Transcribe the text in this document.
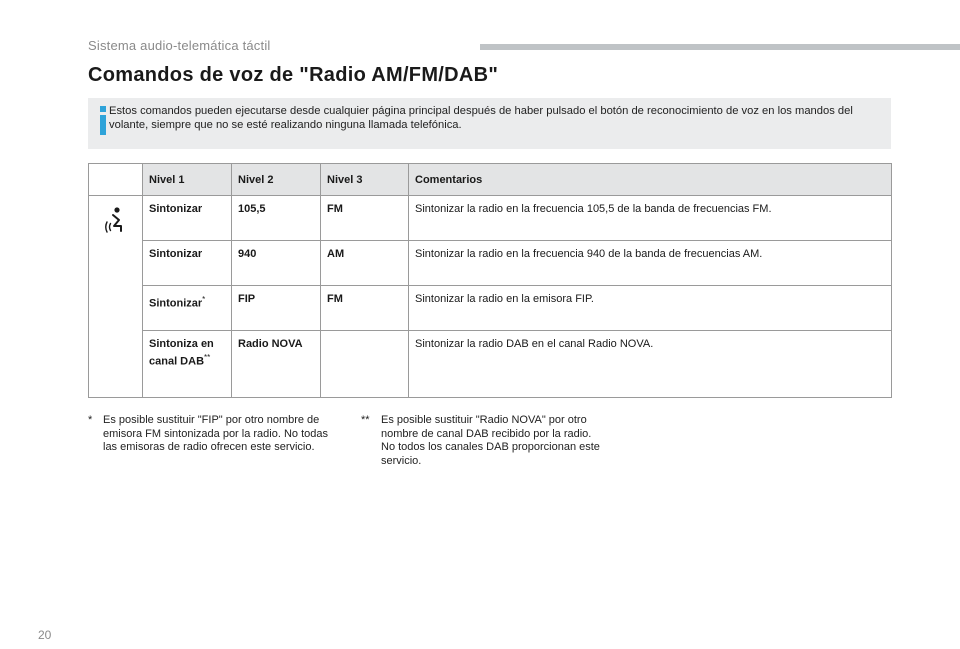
Sistema audio-telemática táctil
Comandos de voz de "Radio AM/FM/DAB"
Estos comandos pueden ejecutarse desde cualquier página principal después de haber pulsado el botón de reconocimiento de voz en los mandos del volante, siempre que no se esté realizando ninguna llamada telefónica.
	Nivel 1	Nivel 2	Nivel 3	Comentarios

	Sintonizar	105,5	FM	Sintonizar la radio en la frecuencia 105,5 de la banda de frecuencias FM.
	Sintonizar	940	AM	Sintonizar la radio en la frecuencia 940 de la banda de frecuencias AM.
	Sintonizar*	FIP	FM	Sintonizar la radio en la emisora FIP.
	Sintoniza en canal DAB**	Radio NOVA		Sintonizar la radio DAB en el canal Radio NOVA.
* Es posible sustituir "FIP" por otro nombre de emisora FM sintonizada por la radio. No todas las emisoras de radio ofrecen este servicio.
** Es posible sustituir "Radio NOVA" por otro nombre de canal DAB recibido por la radio. No todos los canales DAB proporcionan este servicio.
20
